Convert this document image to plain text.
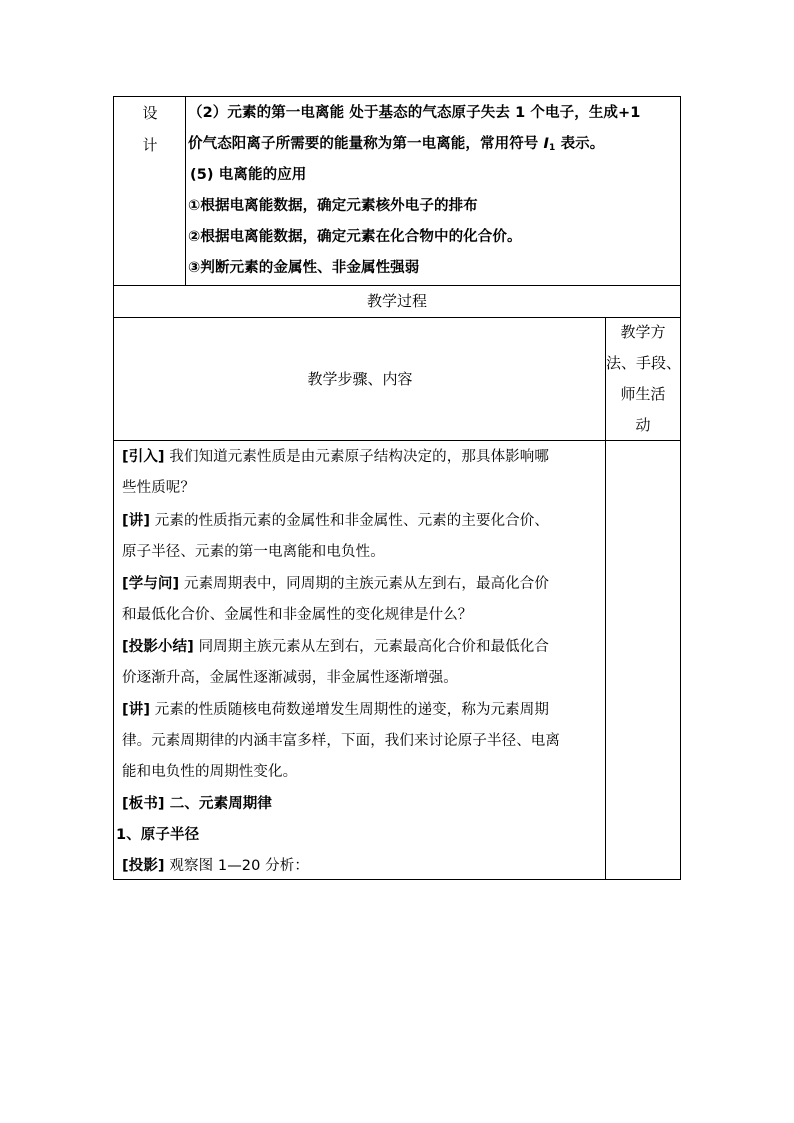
设
计
（2）元素的第一电离能 处于基态的气态原子失去 1 个电子，生成+1
价气态阳离子所需要的能量称为第一电离能，常用符号 $I_1$ 表示。
(5) 电离能的应用
①根据电离能数据，确定元素核外电子的排布
②根据电离能数据，确定元素在化合物中的化合价。
③判断元素的金属性、非金属性强弱
教学过程
教学步骤、内容
教学方
法、手段、
师生活
动
[引入] 我们知道元素性质是由元素原子结构决定的，那具体影响哪
些性质呢？
[讲] 元素的性质指元素的金属性和非金属性、元素的主要化合价、
原子半径、元素的第一电离能和电负性。
[学与问] 元素周期表中，同周期的主族元素从左到右，最高化合价
和最低化合价、金属性和非金属性的变化规律是什么？
[投影小结] 同周期主族元素从左到右，元素最高化合价和最低化合
价逐渐升高，金属性逐渐减弱，非金属性逐渐增强。
[讲] 元素的性质随核电荷数递增发生周期性的递变，称为元素周期
律。元素周期律的内涵丰富多样，下面，我们来讨论原子半径、电离
能和电负性的周期性变化。
[板书] 二、元素周期律
1、原子半径
[投影] 观察图 1—20 分析：
